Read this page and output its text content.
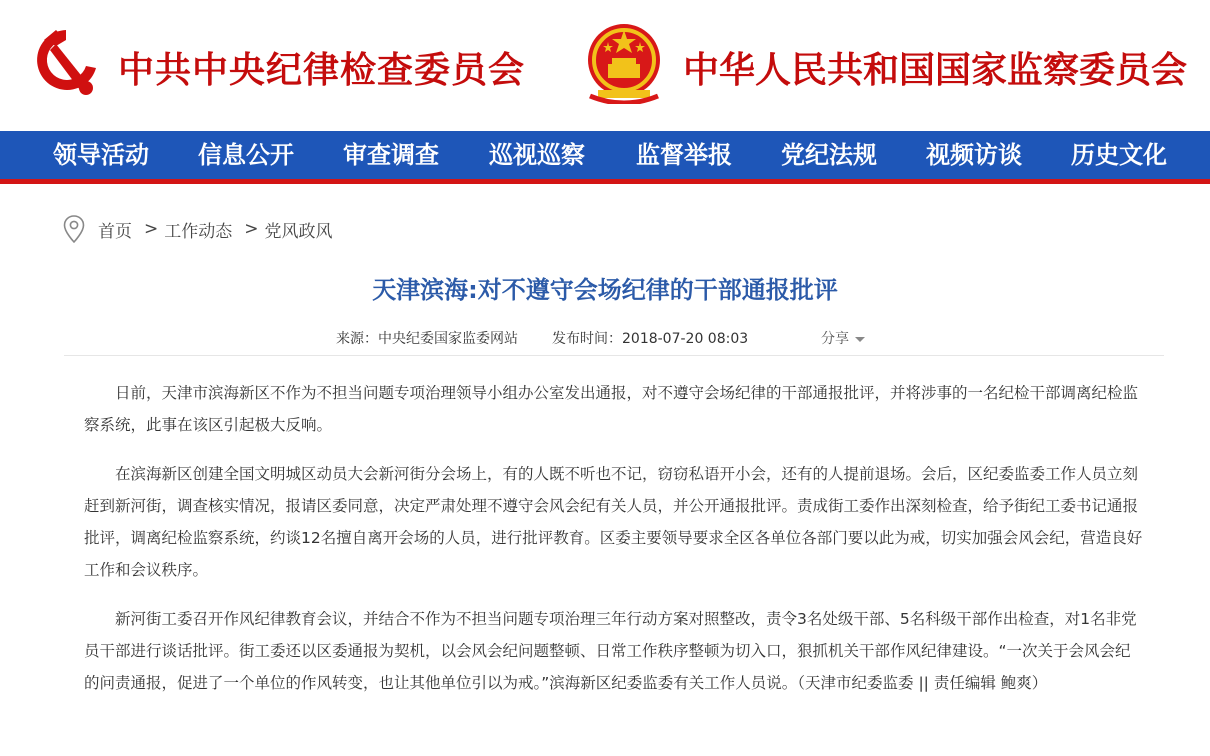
中共中央纪律检查委员会	中华人民共和国国家监察委员会
领导活动 信息公开 审查调查 巡视巡察 监督举报 党纪法规 视频访谈 历史文化
首页 > 工作动态 > 党风政风
天津滨海:对不遵守会场纪律的干部通报批评
来源：中央纪委国家监委网站 发布时间：2018-07-20 08:03	分享

日前，天津市滨海新区不作为不担当问题专项治理领导小组办公室发出通报，对不遵守会场纪律的干部通报批评，并将涉事的一名纪检干部调离纪检监察系统，此事在该区引起极大反响。

在滨海新区创建全国文明城区动员大会新河街分会场上，有的人既不听也不记，窃窃私语开小会，还有的人提前退场。会后，区纪委监委工作人员立刻赶到新河街，调查核实情况，报请区委同意，决定严肃处理不遵守会风会纪有关人员，并公开通报批评。责成街工委作出深刻检查，给予街纪工委书记通报批评，调离纪检监察系统，约谈12名擅自离开会场的人员，进行批评教育。区委主要领导要求全区各单位各部门要以此为戒，切实加强会风会纪，营造良好工作和会议秩序。

新河街工委召开作风纪律教育会议，并结合不作为不担当问题专项治理三年行动方案对照整改，责令3名处级干部、5名科级干部作出检查，对1名非党员干部进行谈话批评。街工委还以区委通报为契机，以会风会纪问题整顿、日常工作秩序整顿为切入口，狠抓机关干部作风纪律建设。“一次关于会风会纪的问责通报，促进了一个单位的作风转变，也让其他单位引以为戒。”滨海新区纪委监委有关工作人员说。（天津市纪委监委 || 责任编辑 鲍爽）
